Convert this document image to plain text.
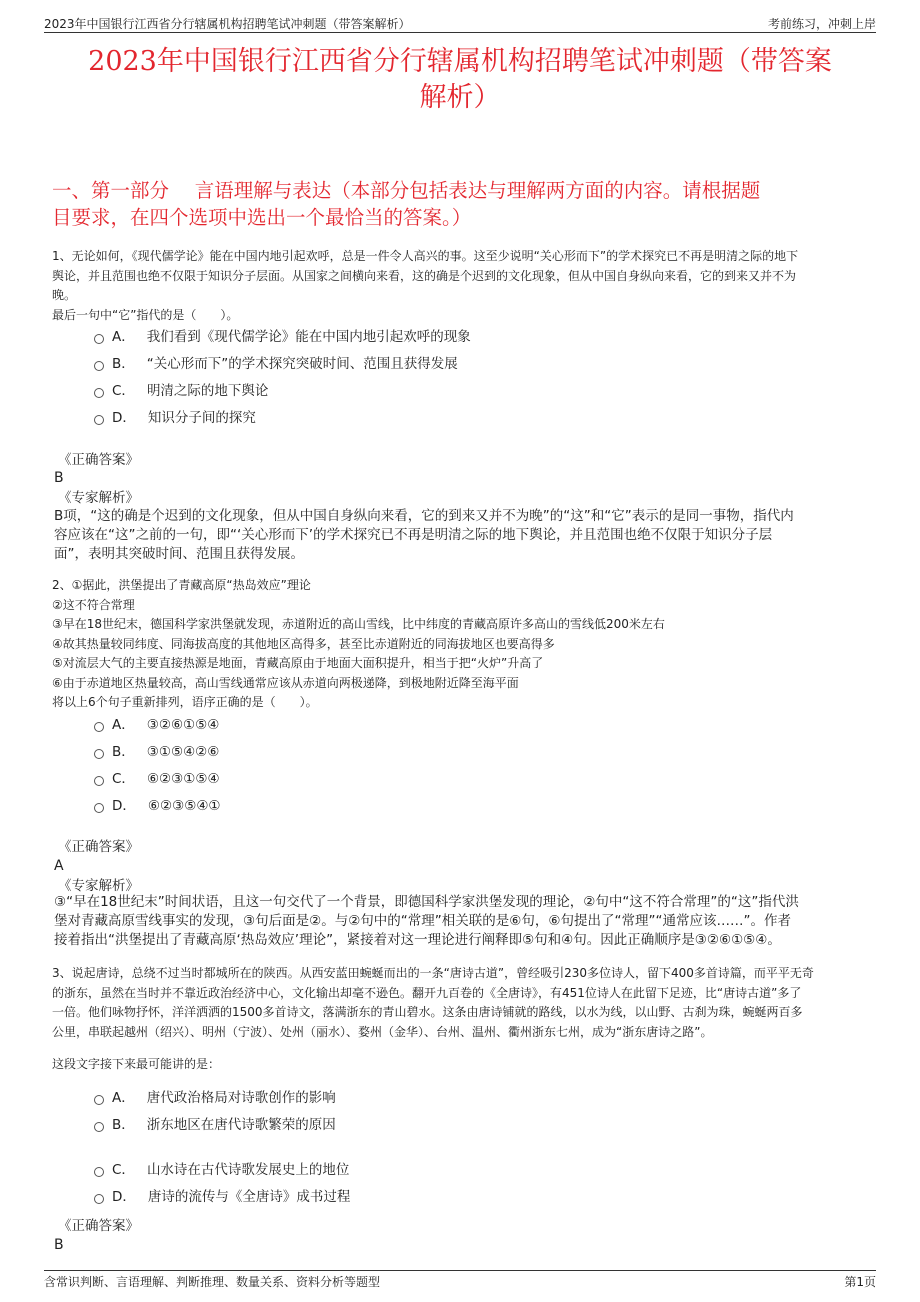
2023年中国银行江西省分行辖属机构招聘笔试冲刺题（带答案解析）	考前练习，冲刺上岸
2023年中国银行江西省分行辖属机构招聘笔试冲刺题（带答案
解析）
一、第一部分　 言语理解与表达（本部分包括表达与理解两方面的内容。请根据题
目要求，在四个选项中选出一个最恰当的答案。）
1、无论如何，《现代儒学论》能在中国内地引起欢呼，总是一件令人高兴的事。这至少说明“关心形而下”的学术探究已不再是明清之际的地下
舆论，并且范围也绝不仅限于知识分子层面。从国家之间横向来看，这的确是个迟到的文化现象，但从中国自身纵向来看，它的到来又并不为
晚。
最后一句中“它”指代的是（　　）。
A． 我们看到《现代儒学论》能在中国内地引起欢呼的现象
B． “关心形而下”的学术探究突破时间、范围且获得发展
C． 明清之际的地下舆论
D． 知识分子间的探究
《正确答案》
B
《专家解析》
B项，“这的确是个迟到的文化现象，但从中国自身纵向来看，它的到来又并不为晚”的“这”和“它”表示的是同一事物，指代内
容应该在“这”之前的一句，即“‘关心形而下’的学术探究已不再是明清之际的地下舆论，并且范围也绝不仅限于知识分子层
面”，表明其突破时间、范围且获得发展。
2、①据此，洪堡提出了青藏高原“热岛效应”理论
②这不符合常理
③早在18世纪末，德国科学家洪堡就发现，赤道附近的高山雪线，比中纬度的青藏高原许多高山的雪线低200米左右
④故其热量较同纬度、同海拔高度的其他地区高得多，甚至比赤道附近的同海拔地区也要高得多
⑤对流层大气的主要直接热源是地面，青藏高原由于地面大面积提升，相当于把“火炉”升高了
⑥由于赤道地区热量较高，高山雪线通常应该从赤道向两极递降，到极地附近降至海平面
将以上6个句子重新排列，语序正确的是（　　）。
A． ③②⑥①⑤④
B． ③①⑤④②⑥
C． ⑥②③①⑤④
D． ⑥②③⑤④①
《正确答案》
A
《专家解析》
③“早在18世纪末”时间状语，且这一句交代了一个背景，即德国科学家洪堡发现的理论，②句中“这不符合常理”的“这”指代洪
堡对青藏高原雪线事实的发现，③句后面是②。与②句中的“常理”相关联的是⑥句，⑥句提出了“常理”“通常应该……”。作者
接着指出“洪堡提出了青藏高原‘热岛效应’理论”，紧接着对这一理论进行阐释即⑤句和④句。因此正确顺序是③②⑥①⑤④。
3、说起唐诗，总绕不过当时都城所在的陕西。从西安蓝田蜿蜒而出的一条“唐诗古道”，曾经吸引230多位诗人，留下400多首诗篇，而平平无奇
的浙东，虽然在当时并不靠近政治经济中心，文化输出却毫不逊色。翻开九百卷的《全唐诗》，有451位诗人在此留下足迹，比“唐诗古道”多了
一倍。他们咏物抒怀，洋洋洒洒的1500多首诗文，落满浙东的青山碧水。这条由唐诗铺就的路线，以水为线，以山野、古刹为珠，蜿蜒两百多
公里，串联起越州（绍兴）、明州（宁波）、处州（丽水）、婺州（金华）、台州、温州、衢州浙东七州，成为“浙东唐诗之路”。
这段文字接下来最可能讲的是：
A． 唐代政治格局对诗歌创作的影响
B． 浙东地区在唐代诗歌繁荣的原因
C． 山水诗在古代诗歌发展史上的地位
D． 唐诗的流传与《全唐诗》成书过程
《正确答案》
B
含常识判断、言语理解、判断推理、数量关系、资料分析等题型	第1页
